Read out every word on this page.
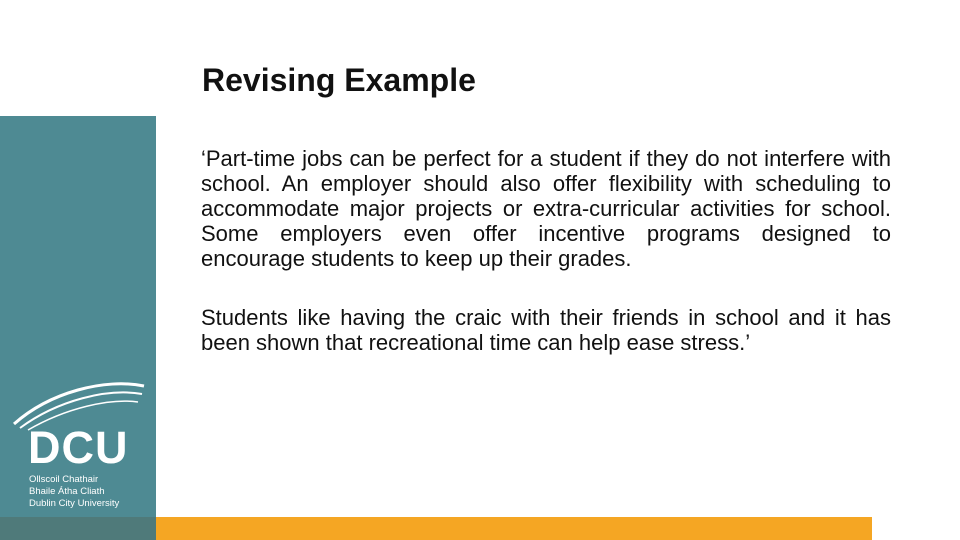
DCU
Ollscoil Chathair
Bhaile Átha Cliath
Dublin City University
Revising Example

‘Part-time jobs can be perfect for a student if they do not interfere with school. An employer should also offer flexibility with scheduling to accommodate major projects or extra-curricular activities for school. Some employers even offer incentive programs designed to encourage students to keep up their grades.

Students like having the craic with their friends in school and it has been shown that recreational time can help ease stress.’
